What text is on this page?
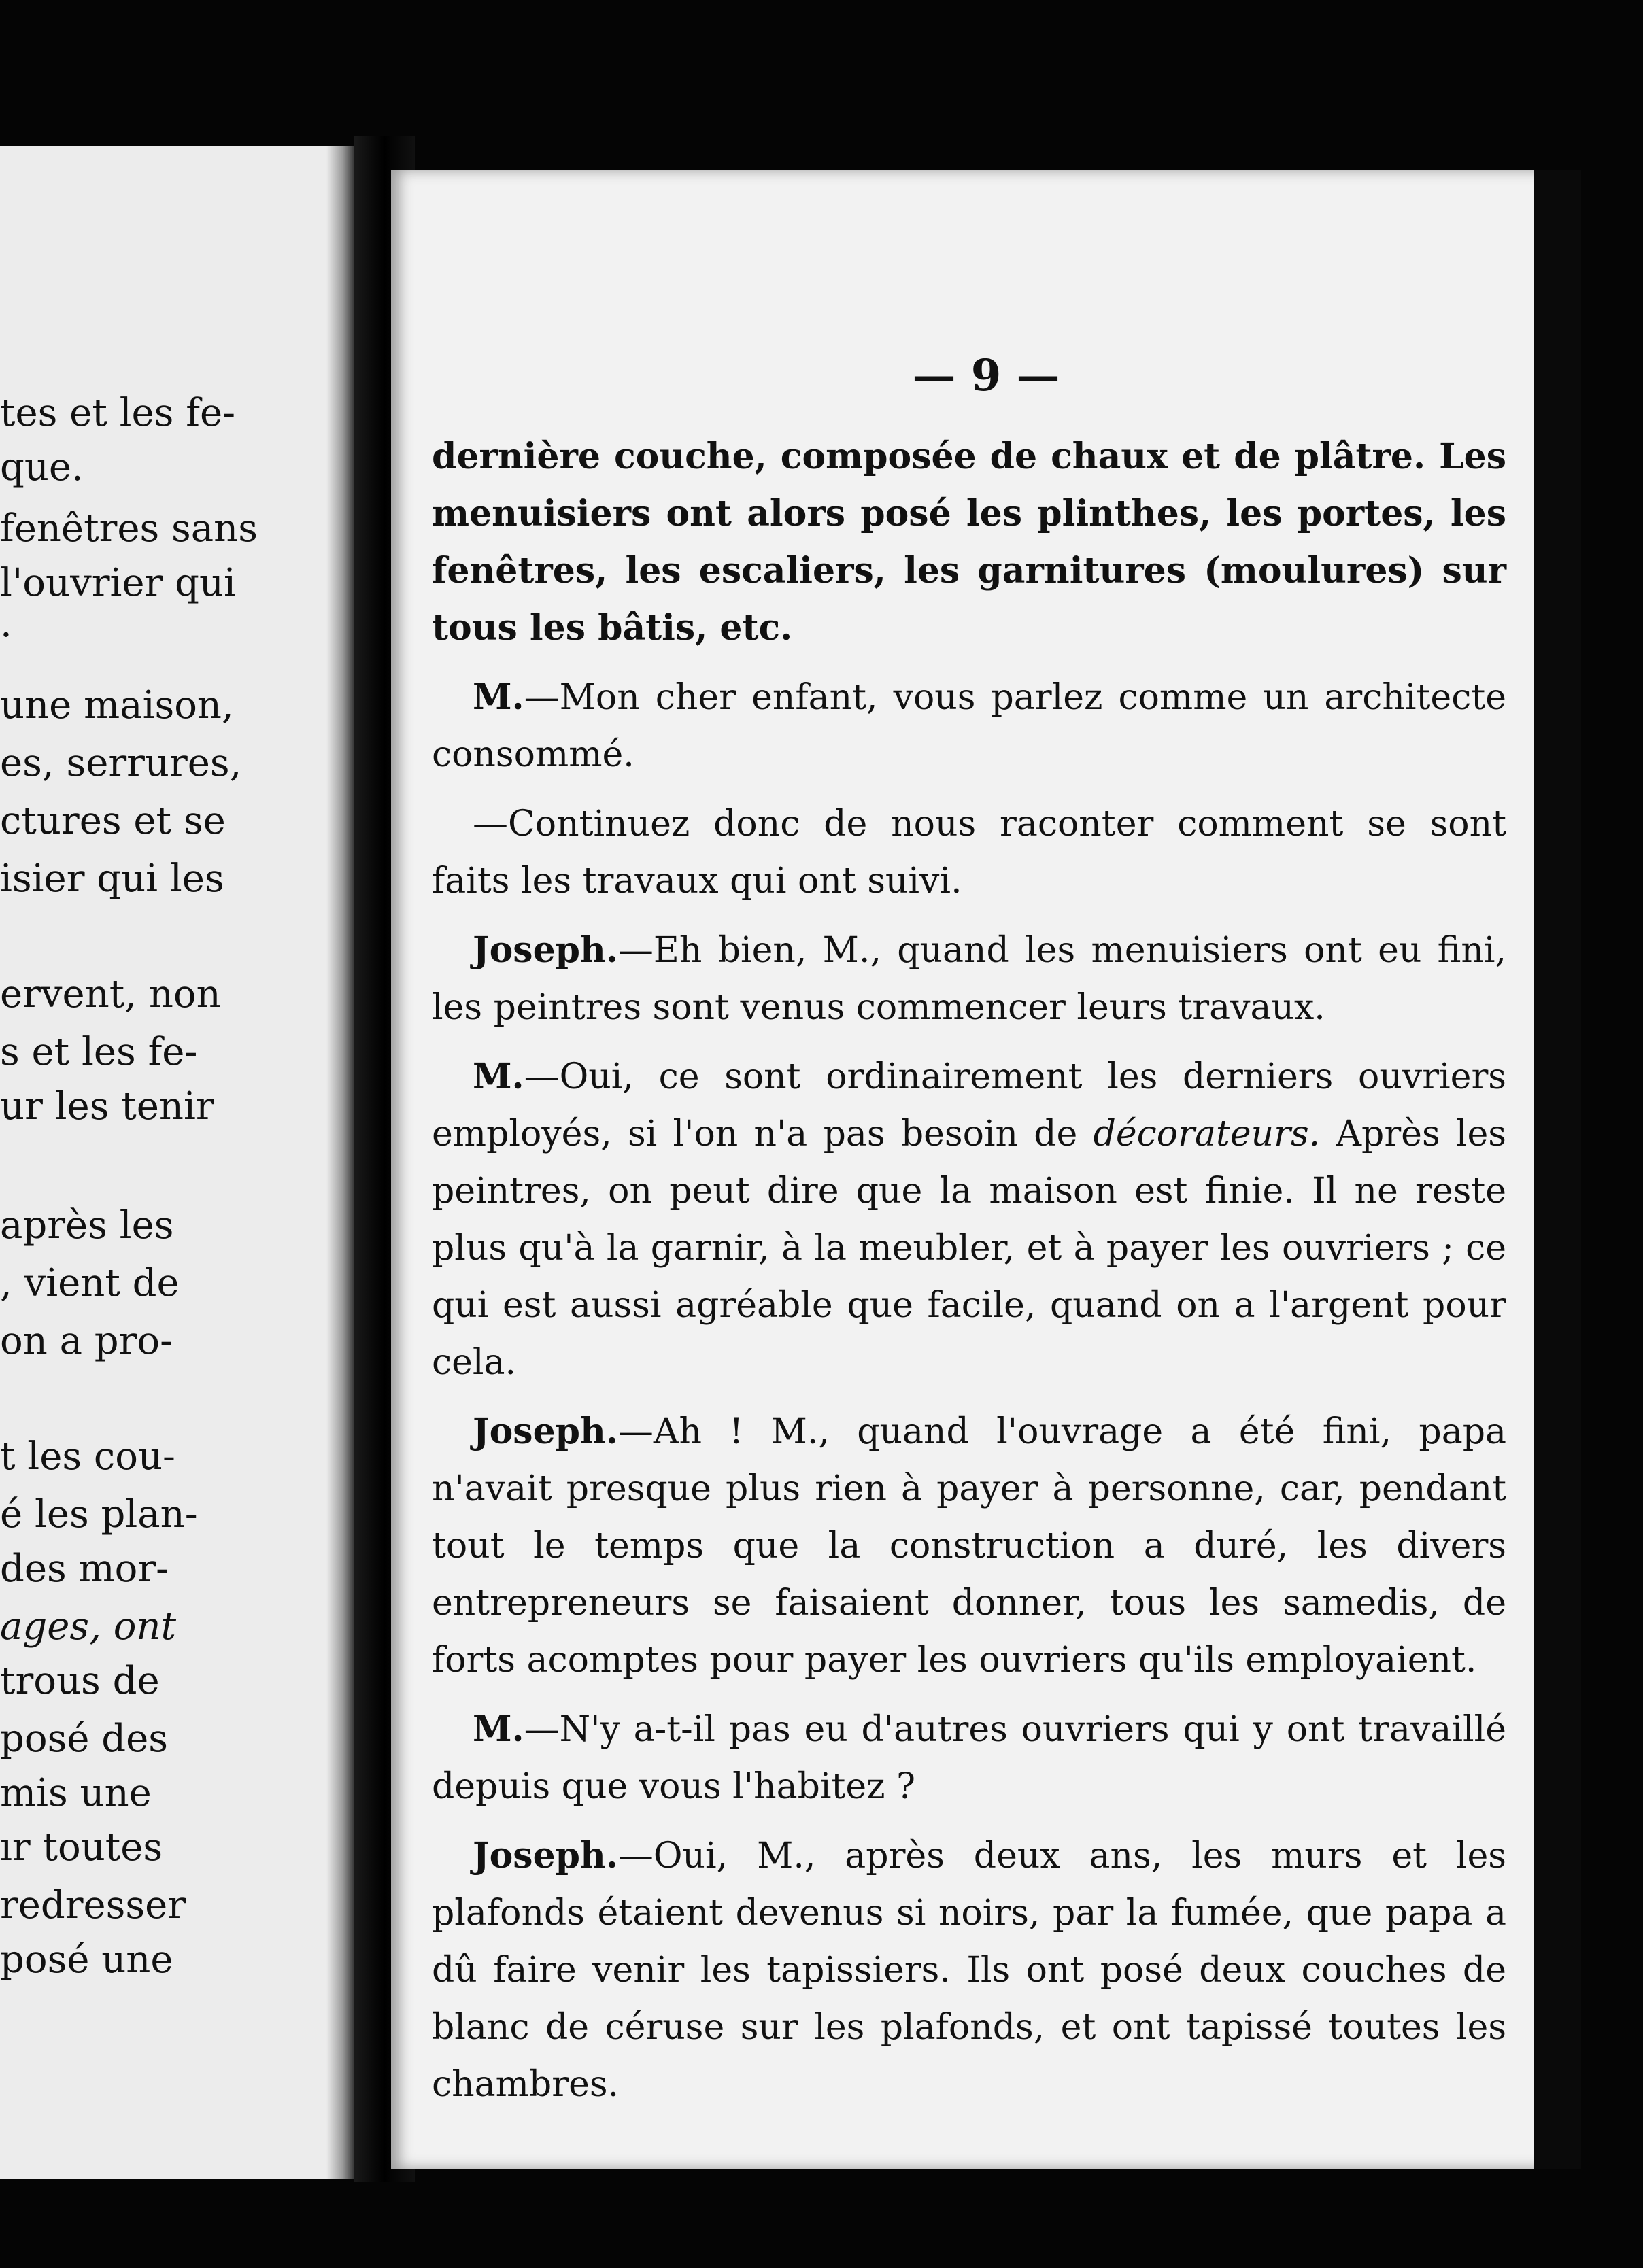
tes et les fe-
que.
fenêtres sans
l'ouvrier qui
.
une maison,
es, serrures,
ctures et se
isier qui les
ervent, non
s et les fe-
ur les tenir
après les
, vient de
on a pro-
t les cou-
é les plan-
des mor-
ages, ont
trous de
posé des
mis une
ır toutes
redresser
posé une
— 9 —

dernière couche, composée de chaux et de plâtre. Les menuisiers ont alors posé les plinthes, les portes, les fenêtres, les escaliers, les garnitures (moulures) sur tous les bâtis, etc.

M.—Mon cher enfant, vous parlez comme un architecte consommé.

—Continuez donc de nous raconter comment se sont faits les travaux qui ont suivi.

Joseph.—Eh bien, M., quand les menuisiers ont eu fini, les peintres sont venus commencer leurs travaux.

M.—Oui, ce sont ordinairement les derniers ouvriers employés, si l'on n'a pas besoin de décorateurs. Après les peintres, on peut dire que la maison est finie. Il ne reste plus qu'à la garnir, à la meubler, et à payer les ouvriers ; ce qui est aussi agréable que facile, quand on a l'argent pour cela.

Joseph.—Ah ! M., quand l'ouvrage a été fini, papa n'avait presque plus rien à payer à personne, car, pendant tout le temps que la construction a duré, les divers entrepreneurs se faisaient donner, tous les samedis, de forts acomptes pour payer les ouvriers qu'ils employaient.

M.—N'y a-t-il pas eu d'autres ouvriers qui y ont travaillé depuis que vous l'habitez ?

Joseph.—Oui, M., après deux ans, les murs et les plafonds étaient devenus si noirs, par la fumée, que papa a dû faire venir les tapissiers. Ils ont posé deux couches de blanc de céruse sur les plafonds, et ont tapissé toutes les chambres.
